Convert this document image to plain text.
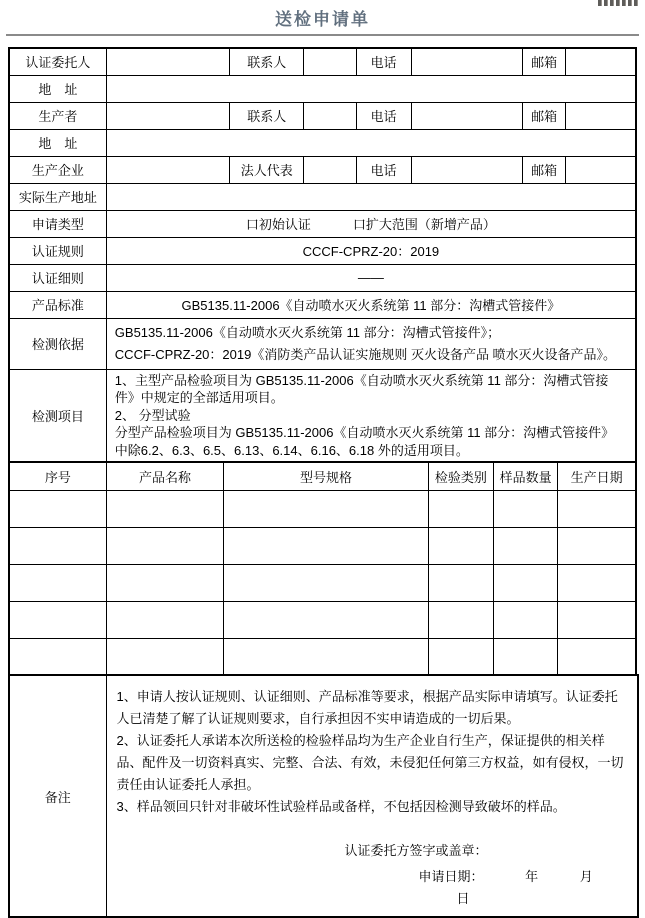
送检申请单
认证委托人		联系人		电话		邮箱	
地　址							
生产者		联系人		电话		邮箱	
地　址							
生产企业		法人代表		电话		邮箱	
实际生产地址							
申请类型	口初始认证 口扩大范围（新增产品）						

认证规则	CCCF-CPRZ-20：2019						
认证细则	——						
产品标准	GB5135.11-2006《自动喷水灭火系统第 11 部分：沟槽式管接件》						
检测依据	GB5135.11-2006《自动喷水灭火系统第 11 部分：沟槽式管接件》；
CCCF-CPRZ-20：2019《消防类产品认证实施规则 灭火设备产品 喷水灭火设备产品》。						

检测项目	1、主型产品检验项目为 GB5135.11-2006《自动喷水灭火系统第 11 部分：沟槽式管接件》中规定的全部适用项目。
2、 分型试验
分型产品检验项目为 GB5135.11-2006《自动喷水灭火系统第 11 部分：沟槽式管接件》中除6.2、6.3、6.5、6.13、6.14、6.16、6.18 外的适用项目。						
序号	产品名称	型号规格	检验类别	样品数量	生产日期

备注	

1、申请人按认证规则、认证细则、产品标准等要求，根据产品实际申请填写。认证委托人已清楚了解了认证规则要求，自行承担因不实申请造成的一切后果。

2、认证委托人承诺本次所送检的检验样品均为生产企业自行生产，保证提供的相关样品、配件及一切资料真实、完整、合法、有效，未侵犯任何第三方权益，如有侵权，一切责任由认证委托人承担。

3、样品领回只针对非破坏性试验样品或备样，不包括因检测导致破坏的样品。

认证委托方签字或盖章：
申请日期：	年	月 日
